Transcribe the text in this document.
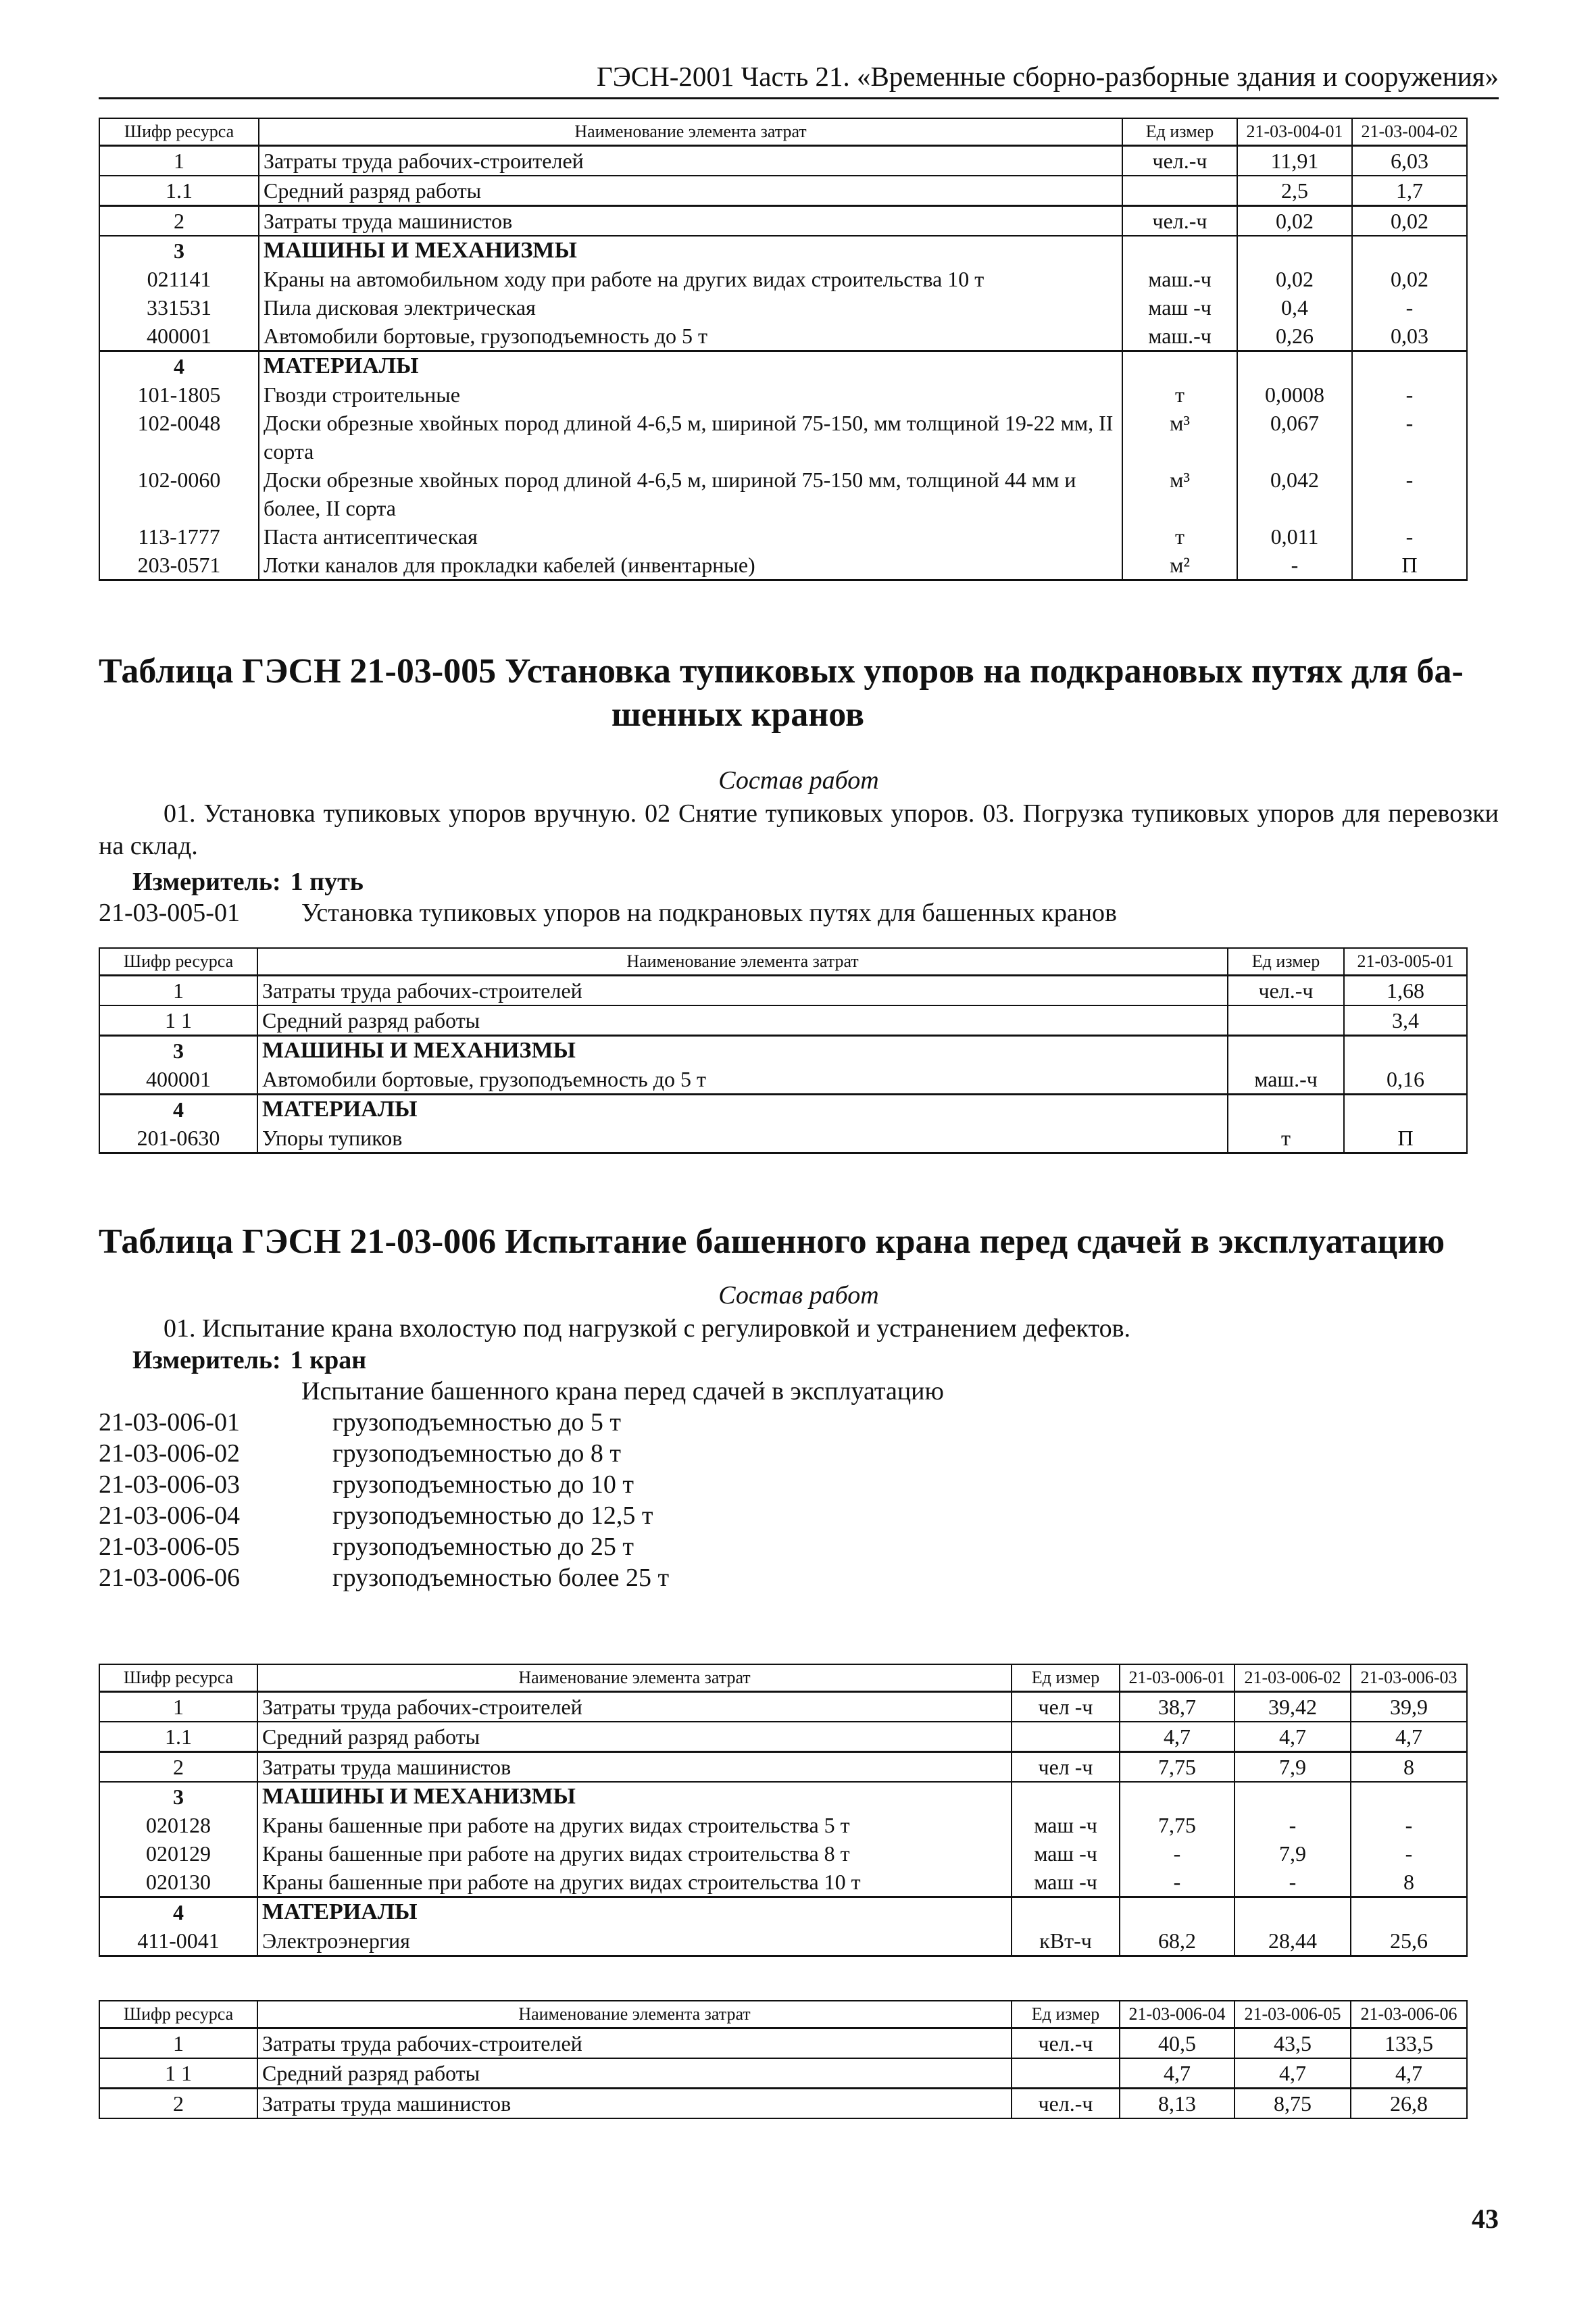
ГЭСН-2001 Часть 21. «Временные сборно-разборные здания и сооружения»
Шифр ресурса	Наименование элемента затрат	Ед измер	21-03-004-01	21-03-004-02
1	Затраты труда рабочих-строителей	чел.-ч	11,91	6,03
1.1	Средний разряд работы		2,5	1,7
2	Затраты труда машинистов	чел.-ч	0,02	0,02
3	МАШИНЫ И МЕХАНИЗМЫ			
021141	Краны на автомобильном ходу при работе на других видах строительства 10 т	маш.-ч	0,02	0,02
331531	Пила дисковая электрическая	маш -ч	0,4	-
400001	Автомобили бортовые, грузоподъемность до 5 т	маш.-ч	0,26	0,03
4	МАТЕРИАЛЫ			
101-1805	Гвозди строительные	т	0,0008	-
102-0048	Доски обрезные хвойных пород длиной 4-6,5 м, шириной 75-150, мм толщиной 19-22 мм, II сорта	м³	0,067	-
102-0060	Доски обрезные хвойных пород длиной 4-6,5 м, шириной 75-150 мм, толщиной 44 мм и более, II сорта	м³	0,042	-
113-1777	Паста антисептическая	т	0,011	-
203-0571	Лотки каналов для прокладки кабелей (инвентарные)	м²	-	П
Таблица ГЭСН 21-03-005 Установка тупиковых упоров на подкрановых путях для ба-
шенных кранов
Состав работ
01. Установка тупиковых упоров вручную. 02 Снятие тупиковых упоров. 03. Погрузка тупиковых упоров для перевозки на склад.
Измеритель: 1 путь
21-03-005-01 Установка тупиковых упоров на подкрановых путях для башенных кранов
Шифр ресурса	Наименование элемента затрат	Ед измер	21-03-005-01
1	Затраты труда рабочих-строителей	чел.-ч	1,68
1 1	Средний разряд работы		3,4
3	МАШИНЫ И МЕХАНИЗМЫ		
400001	Автомобили бортовые, грузоподъемность до 5 т	маш.-ч	0,16
4	МАТЕРИАЛЫ		
201-0630	Упоры тупиков	т	П
Таблица ГЭСН 21-03-006 Испытание башенного крана перед сдачей в эксплуатацию
Состав работ
01. Испытание крана вхолостую под нагрузкой с регулировкой и устранением дефектов.
Измеритель: 1 кран
Испытание башенного крана перед сдачей в эксплуатацию
21-03-006-01	грузоподъемностью до 5 т
21-03-006-02	грузоподъемностью до 8 т
21-03-006-03	грузоподъемностью до 10 т
21-03-006-04	грузоподъемностью до 12,5 т
21-03-006-05	грузоподъемностью до 25 т
21-03-006-06	грузоподъемностью более 25 т
Шифр ресурса	Наименование элемента затрат	Ед измер	21-03-006-01	21-03-006-02	21-03-006-03
1	Затраты труда рабочих-строителей	чел -ч	38,7	39,42	39,9
1.1	Средний разряд работы		4,7	4,7	4,7
2	Затраты труда машинистов	чел -ч	7,75	7,9	8
3	МАШИНЫ И МЕХАНИЗМЫ				
020128	Краны башенные при работе на других видах строительства 5 т	маш -ч	7,75	-	-
020129	Краны башенные при работе на других видах строительства 8 т	маш -ч	-	7,9	-
020130	Краны башенные при работе на других видах строительства 10 т	маш -ч	-	-	8
4	МАТЕРИАЛЫ				
411-0041	Электроэнергия	кВт-ч	68,2	28,44	25,6
Шифр ресурса	Наименование элемента затрат	Ед измер	21-03-006-04	21-03-006-05	21-03-006-06
1	Затраты труда рабочих-строителей	чел.-ч	40,5	43,5	133,5
1 1	Средний разряд работы		4,7	4,7	4,7
2	Затраты труда машинистов	чел.-ч	8,13	8,75	26,8
43
